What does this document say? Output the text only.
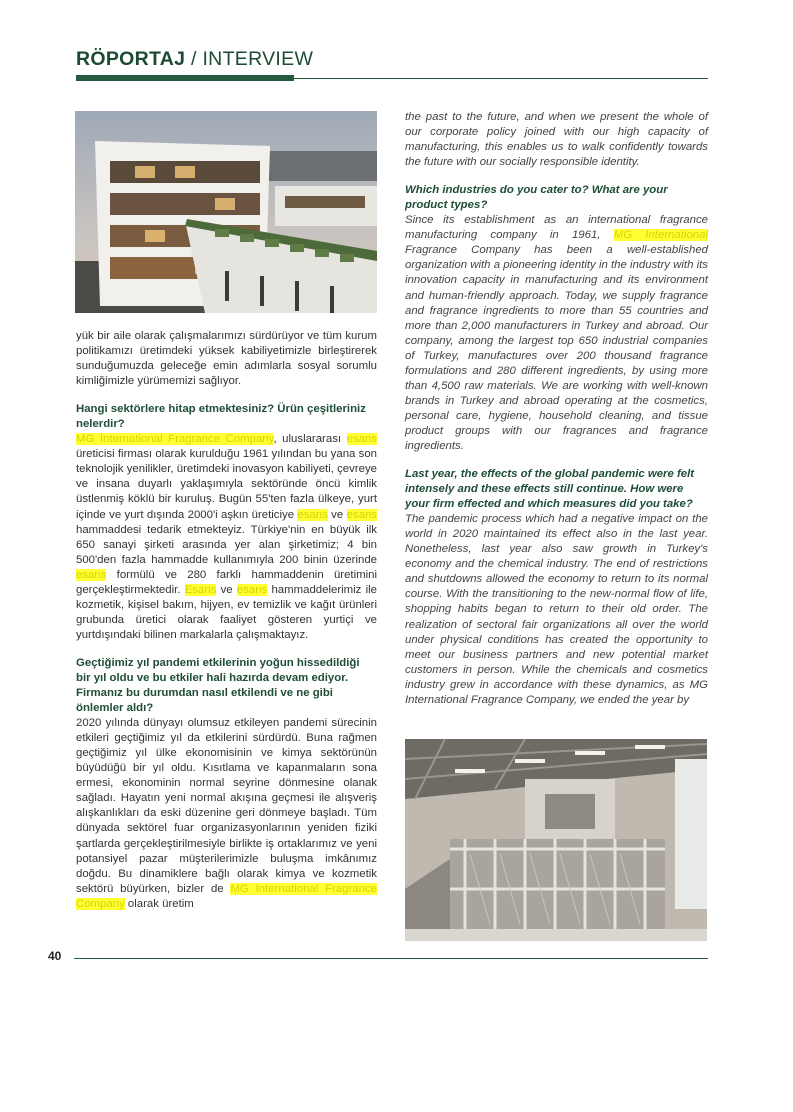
RÖPORTAJ / INTERVIEW

yük bir aile olarak çalışmalarımızı sürdürüyor ve tüm kurum politikamızı üretimdeki yüksek kabiliyetimizle birleştirerek sunduğumuzda geleceğe emin adımlarla sosyal sorumlu kimliğimizle yürümemizi sağlıyor.

Hangi sektörlere hitap etmektesiniz? Ürün çeşitleriniz nelerdir?

MG International Fragrance Company, uluslararası esans üreticisi firması olarak kurulduğu 1961 yılından bu yana son teknolojik yenilikler, üretimdeki inovasyon kabiliyeti, çevreye ve insana duyarlı yaklaşımıyla sektöründe öncü kimlik üstlenmiş köklü bir kuruluş. Bugün 55'ten fazla ülkeye, yurt içinde ve yurt dışında 2000'i aşkın üreticiye esans ve esans hammaddesi tedarik etmekteyiz. Türkiye'nin en büyük ilk 650 sanayi şirketi arasında yer alan şirketimiz; 4 bin 500'den fazla hammadde kullanımıyla 200 binin üzerinde esans formülü ve 280 farklı hammaddenin üretimini gerçekleştirmektedir. Esans ve esans hammaddelerimiz ile kozmetik, kişisel bakım, hijyen, ev temizlik ve kağıt ürünleri grubunda üretici olarak faaliyet gösteren yurtiçi ve yurtdışındaki bilinen markalarla çalışmaktayız.

Geçtiğimiz yıl pandemi etkilerinin yoğun hissedildiği bir yıl oldu ve bu etkiler hali hazırda devam ediyor. Firmanız bu durumdan nasıl etkilendi ve ne gibi önlemler aldı?

2020 yılında dünyayı olumsuz etkileyen pandemi sürecinin etkileri geçtiğimiz yıl da etkilerini sürdürdü. Buna rağmen geçtiğimiz yıl ülke ekonomisinin ve kimya sektörünün büyüdüğü bir yıl oldu. Kısıtlama ve kapanmaların sona ermesi, ekonominin normal seyrine dönmesine olanak sağladı. Hayatın yeni normal akışına geçmesi ile alışveriş alışkanlıkları da eski düzenine geri dönmeye başladı. Tüm dünyada sektörel fuar organizasyonlarının yeniden fiziki şartlarda gerçekleştirilmesiyle birlikte iş ortaklarımız ve yeni potansiyel pazar müşterilerimizle buluşma imkânımız doğdu. Bu dinamiklere bağlı olarak kimya ve kozmetik sektörü büyürken, bizler de MG International Fragrance Company olarak üretim

the past to the future, and when we present the whole of our corporate policy joined with our high capacity of manufacturing, this enables us to walk confidently towards the future with our socially responsible identity.

Which industries do you cater to? What are your product types?

Since its establishment as an international fragrance manufacturing company in 1961, MG International Fragrance Company has been a well-established organization with a pioneering identity in the industry with its innovation capacity in manufacturing and its environment and human-friendly approach. Today, we supply fragrance and fragrance ingredients to more than 55 countries and more than 2,000 manufacturers in Turkey and abroad. Our company, among the largest top 650 industrial companies of Turkey, manufactures over 200 thousand fragrance formulations and 280 different ingredients, by using more than 4,500 raw materials. We are working with well-known brands in Turkey and abroad operating at the cosmetics, personal care, hygiene, household cleaning, and tissue product groups with our fragrances and fragrance ingredients.

Last year, the effects of the global pandemic were felt intensely and these effects still continue. How were your firm effected and which measures did you take?

The pandemic process which had a negative impact on the world in 2020 maintained its effect also in the last year. Nonetheless, last year also saw growth in Turkey's economy and the chemical industry. The end of restrictions and shutdowns allowed the economy to return to its normal course. With the transitioning to the new-normal flow of life, shopping habits began to return to their old order. The realization of sectoral fair organizations all over the world under physical conditions has created the opportunity to meet our business partners and new potential market customers in person. While the chemicals and cosmetics industry grew in accordance with these dynamics, as MG International Fragrance Company, we ended the year by

40
